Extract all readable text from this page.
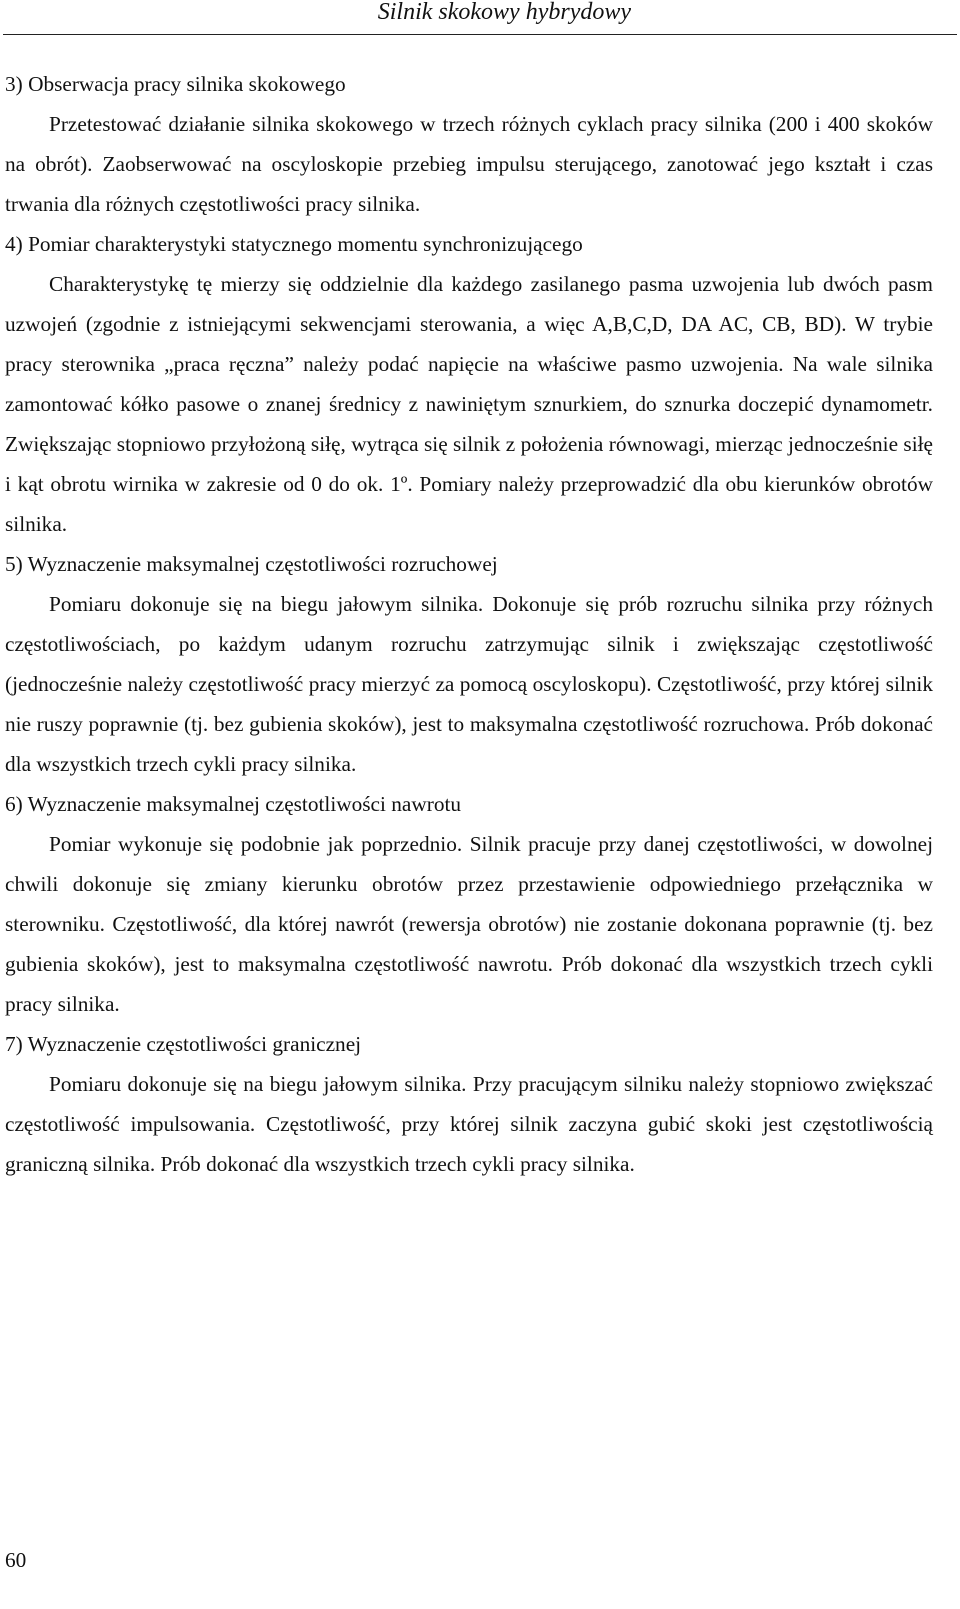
Silnik skokowy hybrydowy

3) Obserwacja pracy silnika skokowego

Przetestować działanie silnika skokowego w trzech różnych cyklach pracy silnika (200 i 400 skoków na obrót). Zaobserwować na oscyloskopie przebieg impulsu sterującego, zanotować jego kształt i czas trwania dla różnych częstotliwości pracy silnika.

4) Pomiar charakterystyki statycznego momentu synchronizującego

Charakterystykę tę mierzy się oddzielnie dla każdego zasilanego pasma uzwojenia lub dwóch pasm uzwojeń (zgodnie z istniejącymi sekwencjami sterowania, a więc A,B,C,D, DA AC, CB, BD). W trybie pracy sterownika „praca ręczna” należy podać napięcie na właściwe pasmo uzwojenia. Na wale silnika zamontować kółko pasowe o znanej średnicy z nawiniętym sznurkiem, do sznurka doczepić dynamometr. Zwiększając stopniowo przyłożoną siłę, wytrąca się silnik z położenia równowagi, mierząc jednocześnie siłę i kąt obrotu wirnika w zakresie od 0 do ok. 1º. Pomiary należy przeprowadzić dla obu kierunków obrotów silnika.

5) Wyznaczenie maksymalnej częstotliwości rozruchowej

Pomiaru dokonuje się na biegu jałowym silnika. Dokonuje się prób rozruchu silnika przy różnych częstotliwościach, po każdym udanym rozruchu zatrzymując silnik i zwiększając częstotliwość (jednocześnie należy częstotliwość pracy mierzyć za pomocą oscyloskopu). Częstotliwość, przy której silnik nie ruszy poprawnie (tj. bez gubienia skoków), jest to maksymalna częstotliwość rozruchowa. Prób dokonać dla wszystkich trzech cykli pracy silnika.

6) Wyznaczenie maksymalnej częstotliwości nawrotu

Pomiar wykonuje się podobnie jak poprzednio. Silnik pracuje przy danej częstotliwości, w dowolnej chwili dokonuje się zmiany kierunku obrotów przez przestawienie odpowiedniego przełącznika w sterowniku. Częstotliwość, dla której nawrót (rewersja obrotów) nie zostanie dokonana poprawnie (tj. bez gubienia skoków), jest to maksymalna częstotliwość nawrotu. Prób dokonać dla wszystkich trzech cykli pracy silnika.

7) Wyznaczenie częstotliwości granicznej

Pomiaru dokonuje się na biegu jałowym silnika. Przy pracującym silniku należy stopniowo zwiększać częstotliwość impulsowania. Częstotliwość, przy której silnik zaczyna gubić skoki jest częstotliwością graniczną silnika. Prób dokonać dla wszystkich trzech cykli pracy silnika.

60
